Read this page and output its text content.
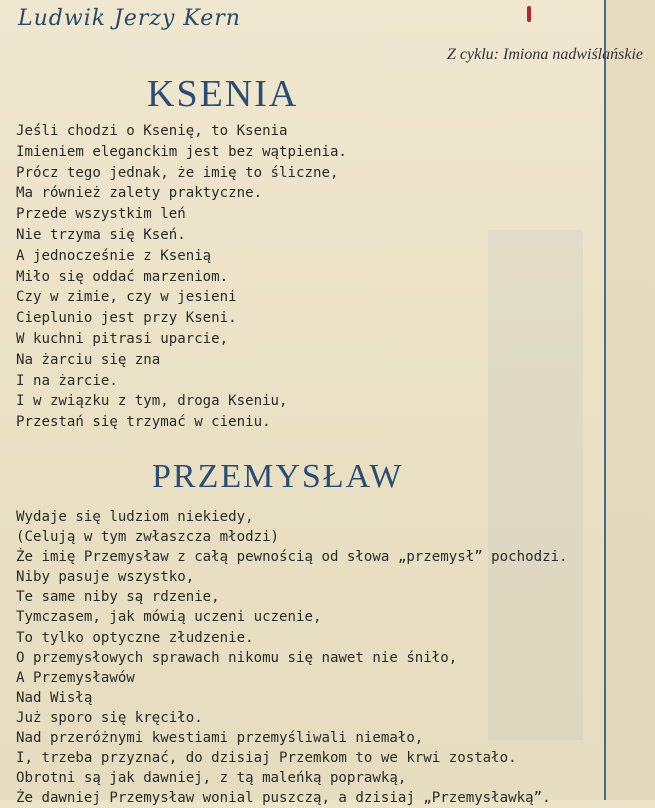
Ludwik Jerzy Kern
Z cyklu: Imiona nadwiślańskie
KSENIA
Jeśli chodzi o Ksenię, to Ksenia
Imieniem eleganckim jest bez wątpienia.
Prócz tego jednak, że imię to śliczne,
Ma również zalety praktyczne.
Przede wszystkim leń
Nie trzyma się Kseń.
A jednocześnie z Ksenią
Miło się oddać marzeniom.
Czy w zimie, czy w jesieni
Cieplunio jest przy Kseni.
W kuchni pitrasi uparcie,
Na żarciu się zna
I na żarcie.
I w związku z tym, droga Kseniu,
Przestań się trzymać w cieniu.
PRZEMYSŁAW
Wydaje się ludziom niekiedy,
(Celują w tym zwłaszcza młodzi)
Że imię Przemysław z całą pewnością od słowa „przemysł” pochodzi.
Niby pasuje wszystko,
Te same niby są rdzenie,
Tymczasem, jak mówią uczeni uczenie,
To tylko optyczne złudzenie.
O przemysłowych sprawach nikomu się nawet nie śniło,
A Przemysławów
Nad Wisłą
Już sporo się kręciło.
Nad przeróżnymi kwestiami przemyśliwali niemało,
I, trzeba przyznać, do dzisiaj Przemkom to we krwi zostało.
Obrotni są jak dawniej, z tą maleńką poprawką,
Że dawniej Przemysław wonial puszczą, a dzisiaj „Przemysławką”.
